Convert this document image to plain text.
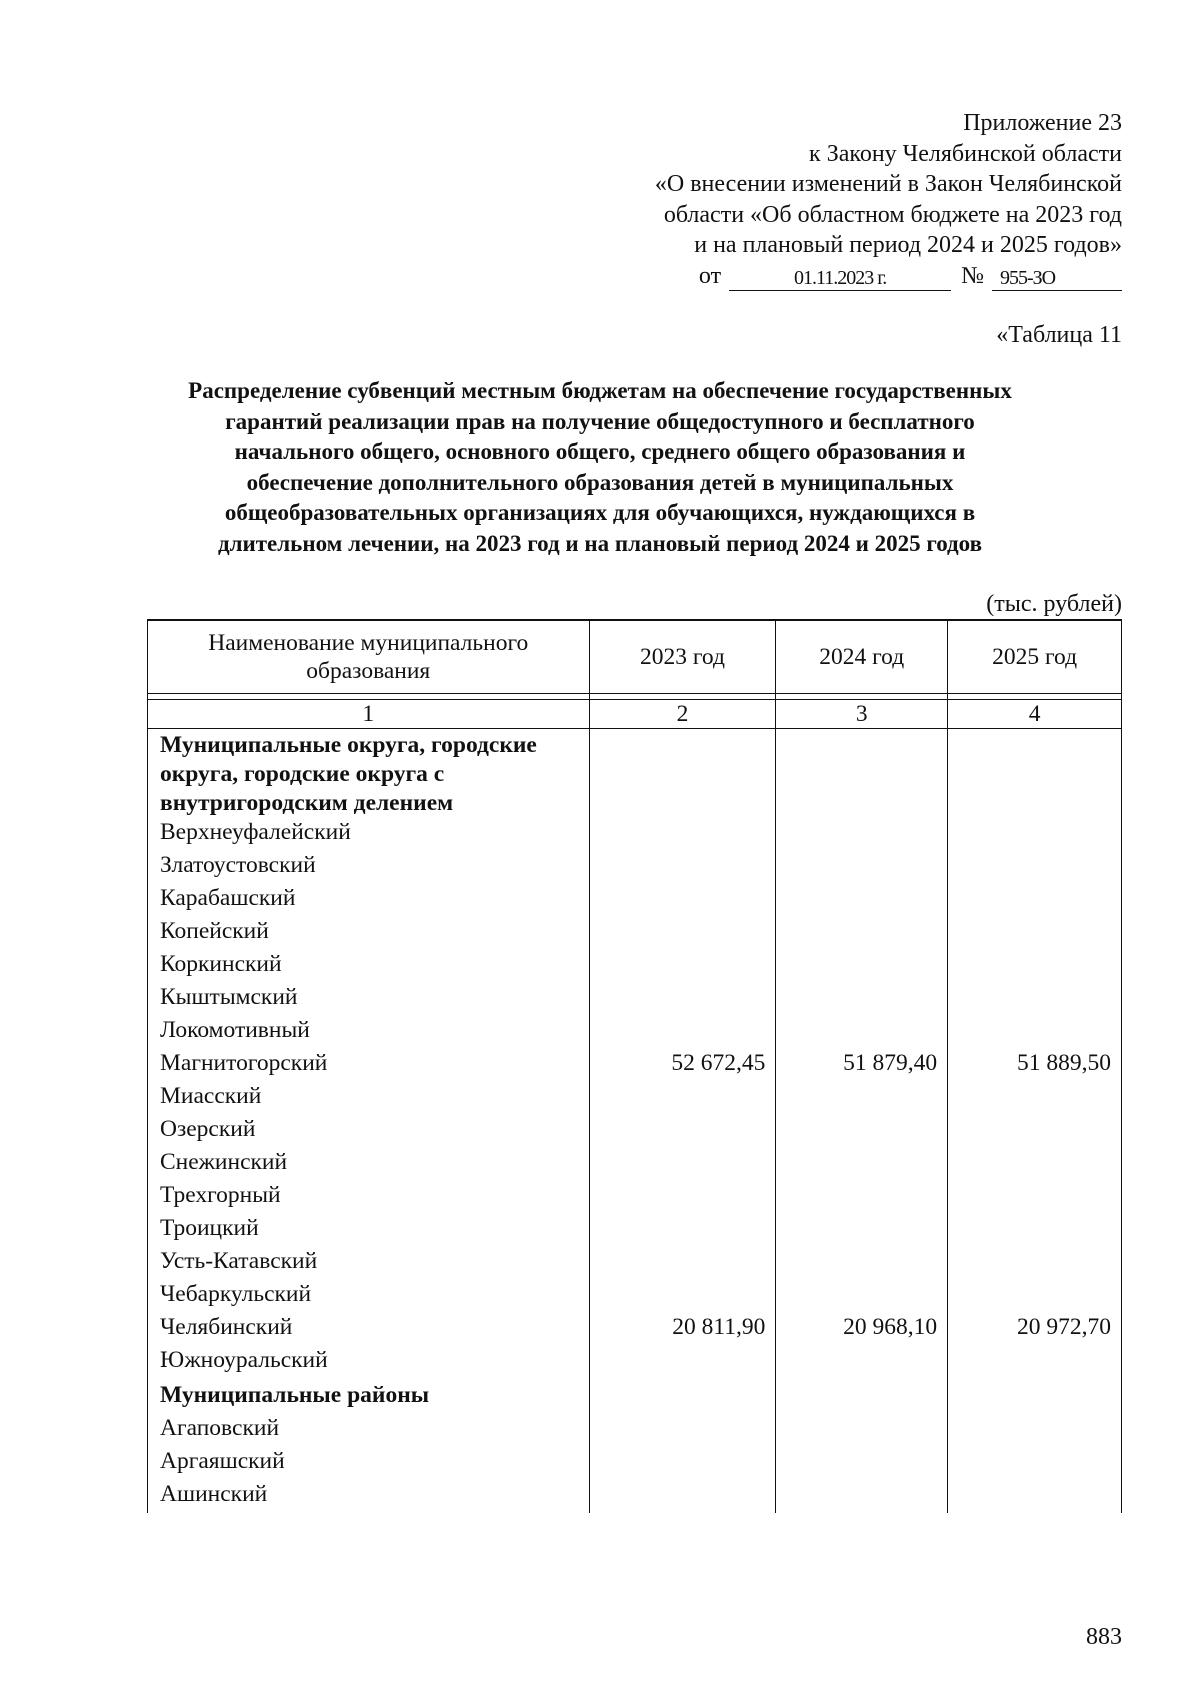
Приложение 23
к Закону Челябинской области
«О внесении изменений в Закон Челябинской
области «Об областном бюджете на 2023 год
и на плановый период 2024 и 2025 годов»
от	01.11.2023 г.	№ 955-ЗО
«Таблица 11
Распределение субвенций местным бюджетам на обеспечение государственных
гарантий реализации прав на получение общедоступного и бесплатного
начального общего, основного общего, среднего общего образования и
обеспечение дополнительного образования детей в муниципальных
общеобразовательных организациях для обучающихся, нуждающихся в
длительном лечении, на 2023 год и на плановый период 2024 и 2025 годов
(тыс. рублей)
Наименование муниципального образования	2023 год	2024 год	2025 год

1	2	3	4
Муниципальные округа, городские округа, городские округа с внутригородским делением			
Верхнеуфалейский			
Златоустовский			
Карабашский			
Копейский			
Коркинский			
Кыштымский			
Локомотивный			
Магнитогорский	52 672,45	51 879,40	51 889,50
Миасский			
Озерский			
Снежинский			
Трехгорный			
Троицкий			
Усть-Катавский			
Чебаркульский			
Челябинский	20 811,90	20 968,10	20 972,70
Южноуральский			
Муниципальные районы			
Агаповский			
Аргаяшский			
Ашинский			
883
